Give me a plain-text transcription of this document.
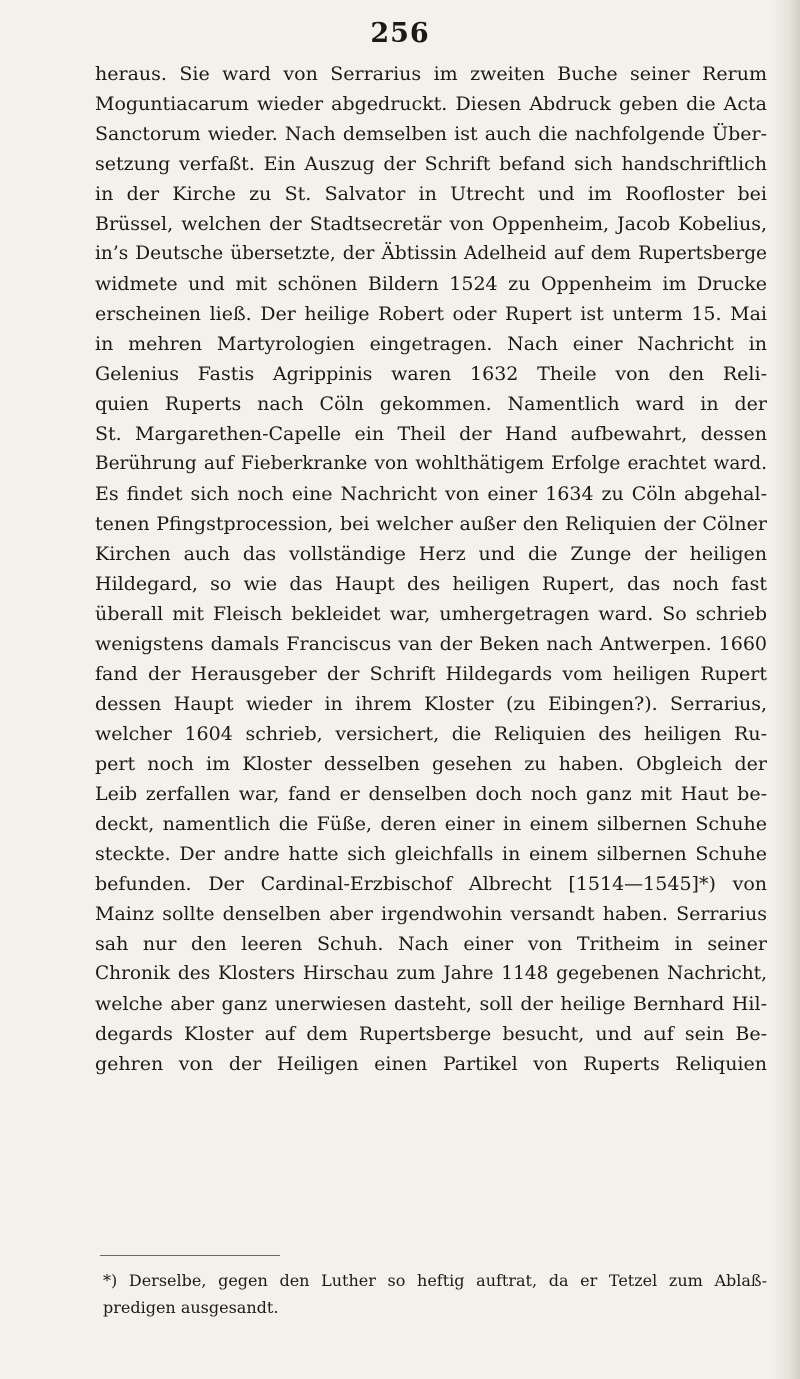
256
heraus. Sie ward von Serrarius im zweiten Buche seiner Rerum
Moguntiacarum wieder abgedruckt. Diesen Abdruck geben die Acta
Sanctorum wieder. Nach demselben ist auch die nachfolgende Über-
setzung verfaßt. Ein Auszug der Schrift befand sich handschriftlich
in der Kirche zu St. Salvator in Utrecht und im Roofloster bei
Brüssel, welchen der Stadtsecretär von Oppenheim, Jacob Kobelius,
in’s Deutsche übersetzte, der Äbtissin Adelheid auf dem Rupertsberge
widmete und mit schönen Bildern 1524 zu Oppenheim im Drucke
erscheinen ließ. Der heilige Robert oder Rupert ist unterm 15. Mai
in mehren Martyrologien eingetragen. Nach einer Nachricht in
Gelenius Fastis Agrippinis waren 1632 Theile von den Reli-
quien Ruperts nach Cöln gekommen. Namentlich ward in der
St. Margarethen-Capelle ein Theil der Hand aufbewahrt, dessen
Berührung auf Fieberkranke von wohlthätigem Erfolge erachtet ward.
Es findet sich noch eine Nachricht von einer 1634 zu Cöln abgehal-
tenen Pfingstprocession, bei welcher außer den Reliquien der Cölner
Kirchen auch das vollständige Herz und die Zunge der heiligen
Hildegard, so wie das Haupt des heiligen Rupert, das noch fast
überall mit Fleisch bekleidet war, umhergetragen ward. So schrieb
wenigstens damals Franciscus van der Beken nach Antwerpen. 1660
fand der Herausgeber der Schrift Hildegards vom heiligen Rupert
dessen Haupt wieder in ihrem Kloster (zu Eibingen?). Serrarius,
welcher 1604 schrieb, versichert, die Reliquien des heiligen Ru-
pert noch im Kloster desselben gesehen zu haben. Obgleich der
Leib zerfallen war, fand er denselben doch noch ganz mit Haut be-
deckt, namentlich die Füße, deren einer in einem silbernen Schuhe
steckte. Der andre hatte sich gleichfalls in einem silbernen Schuhe
befunden. Der Cardinal-Erzbischof Albrecht [1514—1545]*) von
Mainz sollte denselben aber irgendwohin versandt haben. Serrarius
sah nur den leeren Schuh. Nach einer von Tritheim in seiner
Chronik des Klosters Hirschau zum Jahre 1148 gegebenen Nachricht,
welche aber ganz unerwiesen dasteht, soll der heilige Bernhard Hil-
degards Kloster auf dem Rupertsberge besucht, und auf sein Be-
gehren von der Heiligen einen Partikel von Ruperts Reliquien
*) Derselbe, gegen den Luther so heftig auftrat, da er Tetzel zum Ablaß-
predigen ausgesandt.
